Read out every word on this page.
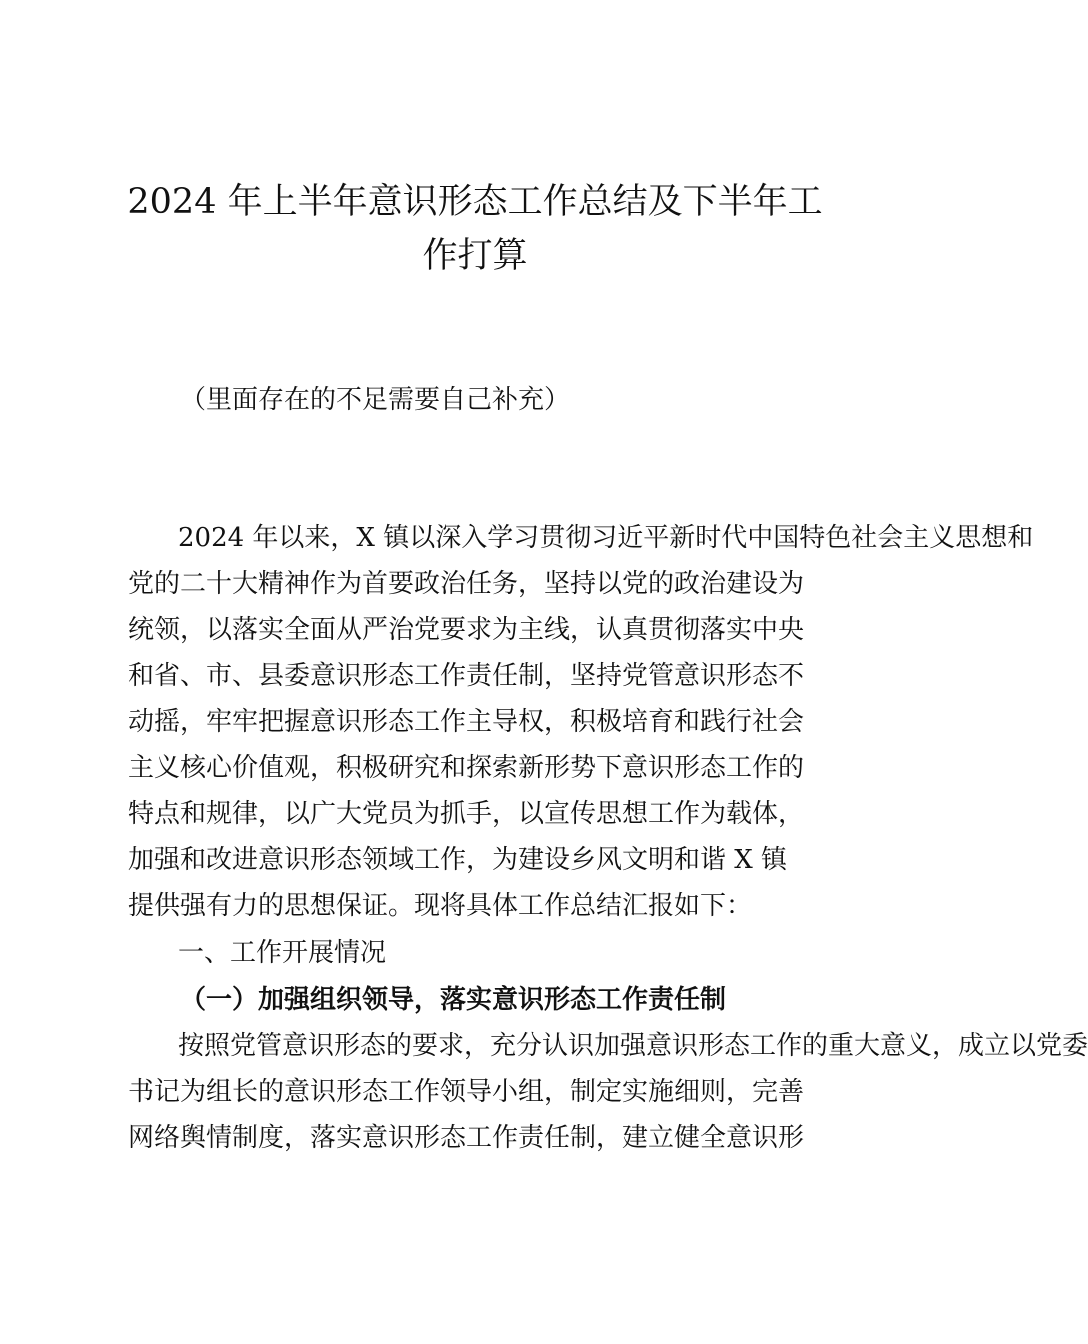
2024 年上半年意识形态工作总结及下半年工
作打算
（里面存在的不足需要自己补充）
2024 年以来，X 镇以深入学习贯彻习近平新时代中国特色社会主义思想和
党的二十大精神作为首要政治任务，坚持以党的政治建设为
统领，以落实全面从严治党要求为主线，认真贯彻落实中央
和省、市、县委意识形态工作责任制，坚持党管意识形态不
动摇，牢牢把握意识形态工作主导权，积极培育和践行社会
主义核心价值观，积极研究和探索新形势下意识形态工作的
特点和规律，以广大党员为抓手，以宣传思想工作为载体，
加强和改进意识形态领域工作，为建设乡风文明和谐 X 镇
提供强有力的思想保证。现将具体工作总结汇报如下：
一、工作开展情况
（一）加强组织领导，落实意识形态工作责任制
按照党管意识形态的要求，充分认识加强意识形态工作的重大意义，成立以党委
书记为组长的意识形态工作领导小组，制定实施细则，完善
网络舆情制度，落实意识形态工作责任制，建立健全意识形
